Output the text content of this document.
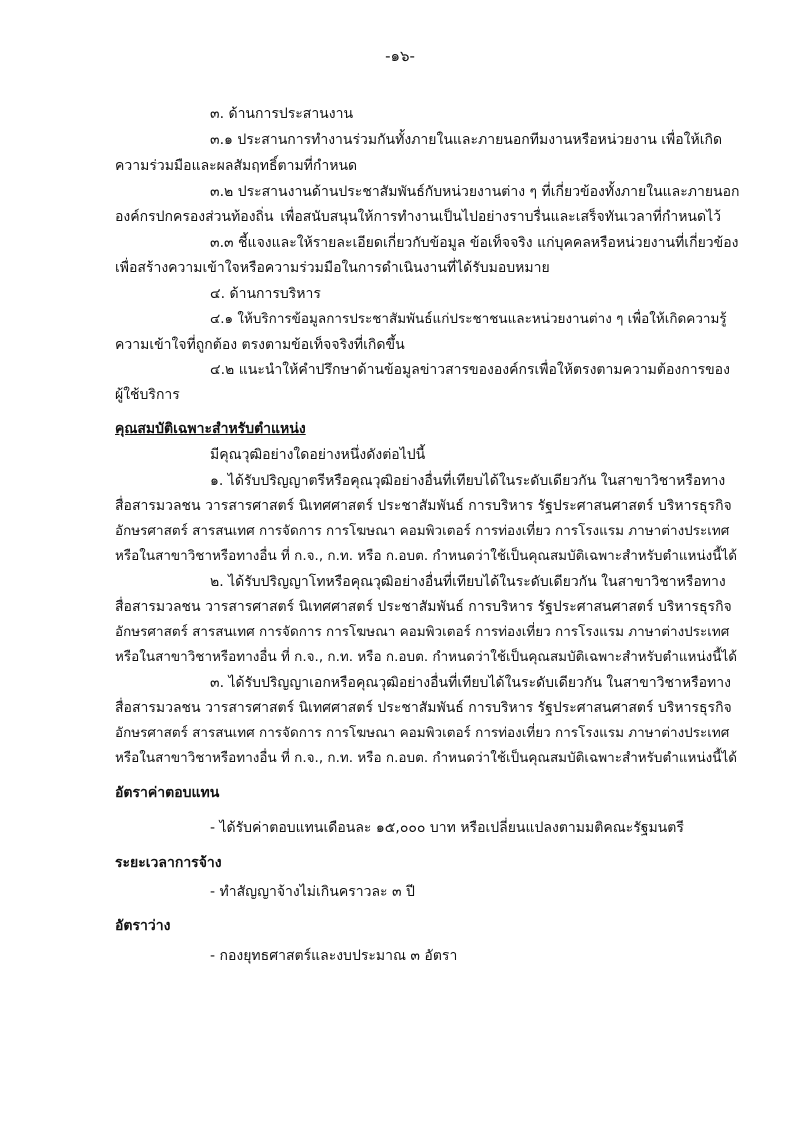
-๑๖-
๓. ด้านการประสานงาน
๓.๑ ประสานการทำงานร่วมกันทั้งภายในและภายนอกทีมงานหรือหน่วยงาน เพื่อให้เกิด
ความร่วมมือและผลสัมฤทธิ์ตามที่กำหนด
๓.๒ ประสานงานด้านประชาสัมพันธ์กับหน่วยงานต่าง ๆ ที่เกี่ยวข้องทั้งภายในและภายนอก
องค์กรปกครองส่วนท้องถิ่น เพื่อสนับสนุนให้การทำงานเป็นไปอย่างราบรื่นและเสร็จทันเวลาที่กำหนดไว้
๓.๓ ชี้แจงและให้รายละเอียดเกี่ยวกับข้อมูล ข้อเท็จจริง แก่บุคคลหรือหน่วยงานที่เกี่ยวข้อง
เพื่อสร้างความเข้าใจหรือความร่วมมือในการดำเนินงานที่ได้รับมอบหมาย
๔. ด้านการบริหาร
๔.๑ ให้บริการข้อมูลการประชาสัมพันธ์แก่ประชาชนและหน่วยงานต่าง ๆ เพื่อให้เกิดความรู้
ความเข้าใจที่ถูกต้อง ตรงตามข้อเท็จจริงที่เกิดขึ้น
๔.๒ แนะนำให้คำปรึกษาด้านข้อมูลข่าวสารขององค์กรเพื่อให้ตรงตามความต้องการของ
ผู้ใช้บริการ
คุณสมบัติเฉพาะสำหรับตำแหน่ง
มีคุณวุฒิอย่างใดอย่างหนึ่งดังต่อไปนี้
๑. ได้รับปริญญาตรีหรือคุณวุฒิอย่างอื่นที่เทียบได้ในระดับเดียวกัน ในสาขาวิชาหรือทาง
สื่อสารมวลชน วารสารศาสตร์ นิเทศศาสตร์ ประชาสัมพันธ์ การบริหาร รัฐประศาสนศาสตร์ บริหารธุรกิจ
อักษรศาสตร์ สารสนเทศ การจัดการ การโฆษณา คอมพิวเตอร์ การท่องเที่ยว การโรงแรม ภาษาต่างประเทศ
หรือในสาขาวิชาหรือทางอื่น ที่ ก.จ., ก.ท. หรือ ก.อบต. กำหนดว่าใช้เป็นคุณสมบัติเฉพาะสำหรับตำแหน่งนี้ได้
๒. ได้รับปริญญาโทหรือคุณวุฒิอย่างอื่นที่เทียบได้ในระดับเดียวกัน ในสาขาวิชาหรือทาง
สื่อสารมวลชน วารสารศาสตร์ นิเทศศาสตร์ ประชาสัมพันธ์ การบริหาร รัฐประศาสนศาสตร์ บริหารธุรกิจ
อักษรศาสตร์ สารสนเทศ การจัดการ การโฆษณา คอมพิวเตอร์ การท่องเที่ยว การโรงแรม ภาษาต่างประเทศ
หรือในสาขาวิชาหรือทางอื่น ที่ ก.จ., ก.ท. หรือ ก.อบต. กำหนดว่าใช้เป็นคุณสมบัติเฉพาะสำหรับตำแหน่งนี้ได้
๓. ได้รับปริญญาเอกหรือคุณวุฒิอย่างอื่นที่เทียบได้ในระดับเดียวกัน ในสาขาวิชาหรือทาง
สื่อสารมวลชน วารสารศาสตร์ นิเทศศาสตร์ ประชาสัมพันธ์ การบริหาร รัฐประศาสนศาสตร์ บริหารธุรกิจ
อักษรศาสตร์ สารสนเทศ การจัดการ การโฆษณา คอมพิวเตอร์ การท่องเที่ยว การโรงแรม ภาษาต่างประเทศ
หรือในสาขาวิชาหรือทางอื่น ที่ ก.จ., ก.ท. หรือ ก.อบต. กำหนดว่าใช้เป็นคุณสมบัติเฉพาะสำหรับตำแหน่งนี้ได้
อัตราค่าตอบแทน
- ได้รับค่าตอบแทนเดือนละ ๑๕,๐๐๐ บาท หรือเปลี่ยนแปลงตามมติคณะรัฐมนตรี
ระยะเวลาการจ้าง
- ทำสัญญาจ้างไม่เกินคราวละ ๓ ปี
อัตราว่าง
- กองยุทธศาสตร์และงบประมาณ ๓ อัตรา
